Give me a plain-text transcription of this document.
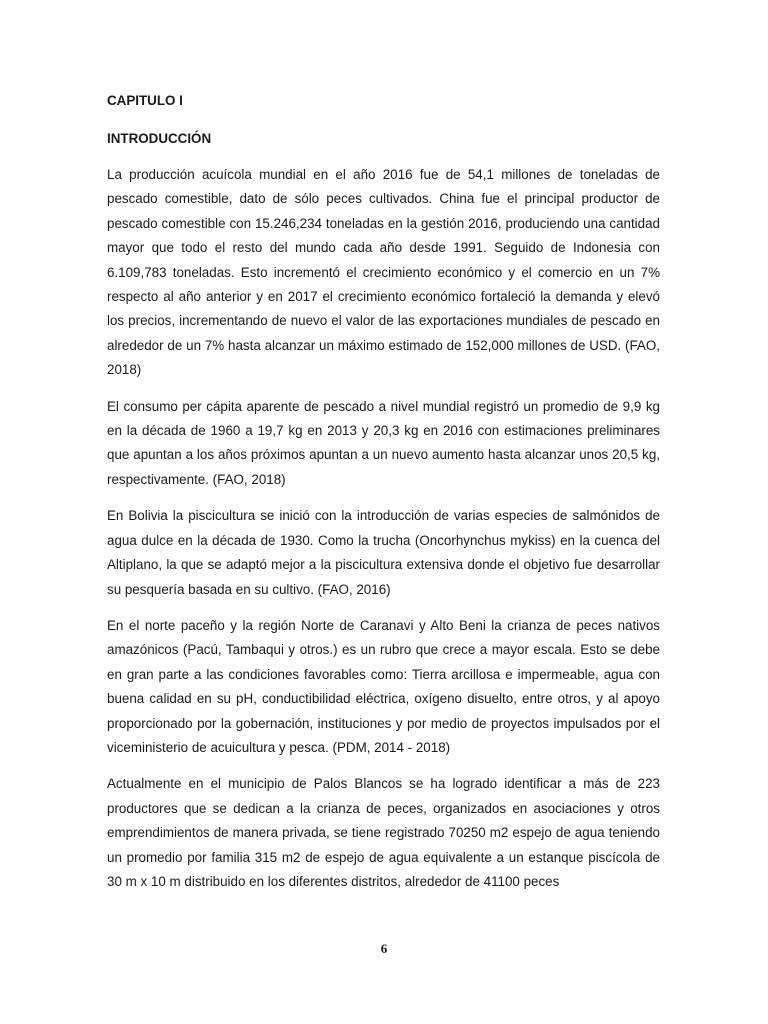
CAPITULO I

INTRODUCCIÓN

La producción acuícola mundial en el año 2016 fue de 54,1 millones de toneladas de pescado comestible, dato de sólo peces cultivados. China fue el principal productor de pescado comestible con 15.246,234 toneladas en la gestión 2016, produciendo una cantidad mayor que todo el resto del mundo cada año desde 1991. Seguido de Indonesia con 6.109,783 toneladas. Esto incrementó el crecimiento económico y el comercio en un 7% respecto al año anterior y en 2017 el crecimiento económico fortaleció la demanda y elevó los precios, incrementando de nuevo el valor de las exportaciones mundiales de pescado en alrededor de un 7% hasta alcanzar un máximo estimado de 152,000 millones de USD. (FAO, 2018)

El consumo per cápita aparente de pescado a nivel mundial registró un promedio de 9,9 kg en la década de 1960 a 19,7 kg en 2013 y 20,3 kg en 2016 con estimaciones preliminares que apuntan a los años próximos apuntan a un nuevo aumento hasta alcanzar unos 20,5 kg, respectivamente. (FAO, 2018)

En Bolivia la piscicultura se inició con la introducción de varias especies de salmónidos de agua dulce en la década de 1930. Como la trucha (Oncorhynchus mykiss) en la cuenca del Altiplano, la que se adaptó mejor a la piscicultura extensiva donde el objetivo fue desarrollar su pesquería basada en su cultivo. (FAO, 2016)

En el norte paceño y la región Norte de Caranavi y Alto Beni la crianza de peces nativos amazónicos (Pacú, Tambaqui y otros.) es un rubro que crece a mayor escala. Esto se debe en gran parte a las condiciones favorables como: Tierra arcillosa e impermeable, agua con buena calidad en su pH, conductibilidad eléctrica, oxígeno disuelto, entre otros, y al apoyo proporcionado por la gobernación, instituciones y por medio de proyectos impulsados por el viceministerio de acuicultura y pesca. (PDM, 2014 - 2018)

Actualmente en el municipio de Palos Blancos se ha logrado identificar a más de 223 productores que se dedican a la crianza de peces, organizados en asociaciones y otros emprendimientos de manera privada, se tiene registrado 70250 m2 espejo de agua teniendo un promedio por familia 315 m2 de espejo de agua equivalente a un estanque piscícola de 30 m x 10 m distribuido en los diferentes distritos, alrededor de 41100 peces

6
